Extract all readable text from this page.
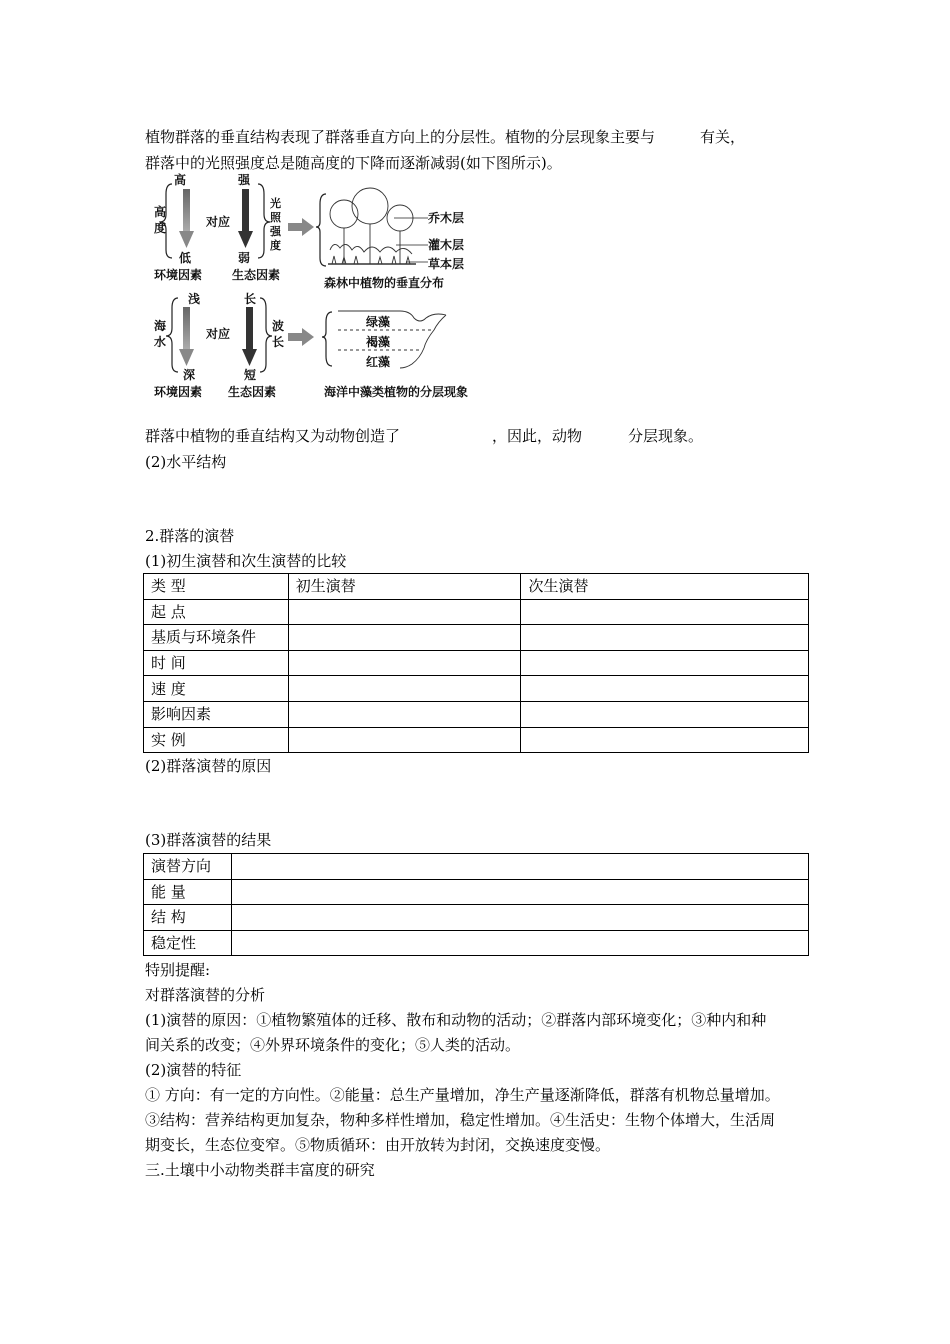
植物群落的垂直结构表现了群落垂直方向上的分层性。植物的分层现象主要与	有关，
群落中的光照强度总是随高度的下降而逐渐减弱(如下图所示)。
高
高
度
低
对应
强
弱
光
照
强
度
乔木层
灌木层
草本层
环境因素 生态因素
森林中植物的垂直分布
浅
海
水
深
对应
长
短
波
长
绿藻
褐藻
红藻
环境因素 生态因素	海洋中藻类植物的分层现象
群落中植物的垂直结构又为动物创造了	，因此，动物	分层现象。
(2)水平结构
2.群落的演替
(1)初生演替和次生演替的比较
类 型	初生演替	次生演替
起 点		
基质与环境条件		
时 间		
速 度		
影响因素		
实 例		
(2)群落演替的原因
(3)群落演替的结果
演替方向	
能 量	
结 构	
稳定性	
特别提醒:
对群落演替的分析
(1)演替的原因：①植物繁殖体的迁移、散布和动物的活动；②群落内部环境变化；③种内和种
间关系的改变；④外界环境条件的变化；⑤人类的活动。
(2)演替的特征
① 方向：有一定的方向性。②能量：总生产量增加，净生产量逐渐降低，群落有机物总量增加。
③结构：营养结构更加复杂，物种多样性增加，稳定性增加。④生活史：生物个体增大，生活周
期变长，生态位变窄。⑤物质循环：由开放转为封闭，交换速度变慢。
三.土壤中小动物类群丰富度的研究
